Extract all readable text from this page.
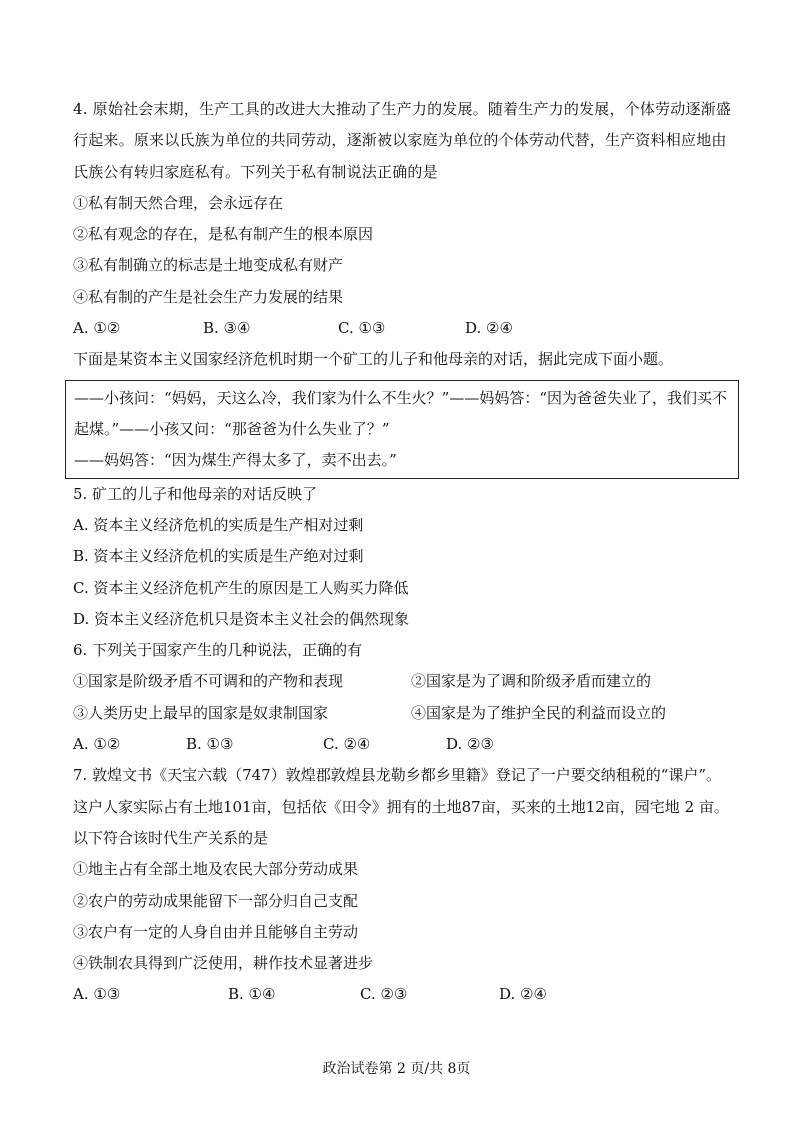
4. 原始社会末期，生产工具的改进大大推动了生产力的发展。随着生产力的发展，个体劳动逐渐盛行起来。原来以氏族为单位的共同劳动，逐渐被以家庭为单位的个体劳动代替，生产资料相应地由氏族公有转归家庭私有。下列关于私有制说法正确的是
①私有制天然合理，会永远存在
②私有观念的存在，是私有制产生的根本原因
③私有制确立的标志是土地变成私有财产
④私有制的产生是社会生产力发展的结果
A. ①②	B. ③④	C. ①③	D. ②④
下面是某资本主义国家经济危机时期一个矿工的儿子和他母亲的对话，据此完成下面小题。
——小孩问：“妈妈，天这么冷，我们家为什么不生火？”——妈妈答：“因为爸爸失业了，我们买不起煤。”——小孩又问：“那爸爸为什么失业了？”
——妈妈答：“因为煤生产得太多了，卖不出去。”
5. 矿工的儿子和他母亲的对话反映了
A. 资本主义经济危机的实质是生产相对过剩
B. 资本主义经济危机的实质是生产绝对过剩
C. 资本主义经济危机产生的原因是工人购买力降低
D. 资本主义经济危机只是资本主义社会的偶然现象
6. 下列关于国家产生的几种说法，正确的有
①国家是阶级矛盾不可调和的产物和表现	②国家是为了调和阶级矛盾而建立的
③人类历史上最早的国家是奴隶制国家	④国家是为了维护全民的利益而设立的
A. ①②	B. ①③	C. ②④	D. ②③
7. 敦煌文书《天宝六载（747）敦煌郡敦煌县龙勒乡都乡里籍》登记了一户要交纳租税的“课户”。这户人家实际占有土地101亩，包括依《田令》拥有的土地87亩，买来的土地12亩，园宅地 2 亩。以下符合该时代生产关系的是
①地主占有全部土地及农民大部分劳动成果
②农户的劳动成果能留下一部分归自己支配
③农户有一定的人身自由并且能够自主劳动
④铁制农具得到广泛使用，耕作技术显著进步
A. ①③	B. ①④	C. ②③	D. ②④
政治试卷第 2 页/共 8页
